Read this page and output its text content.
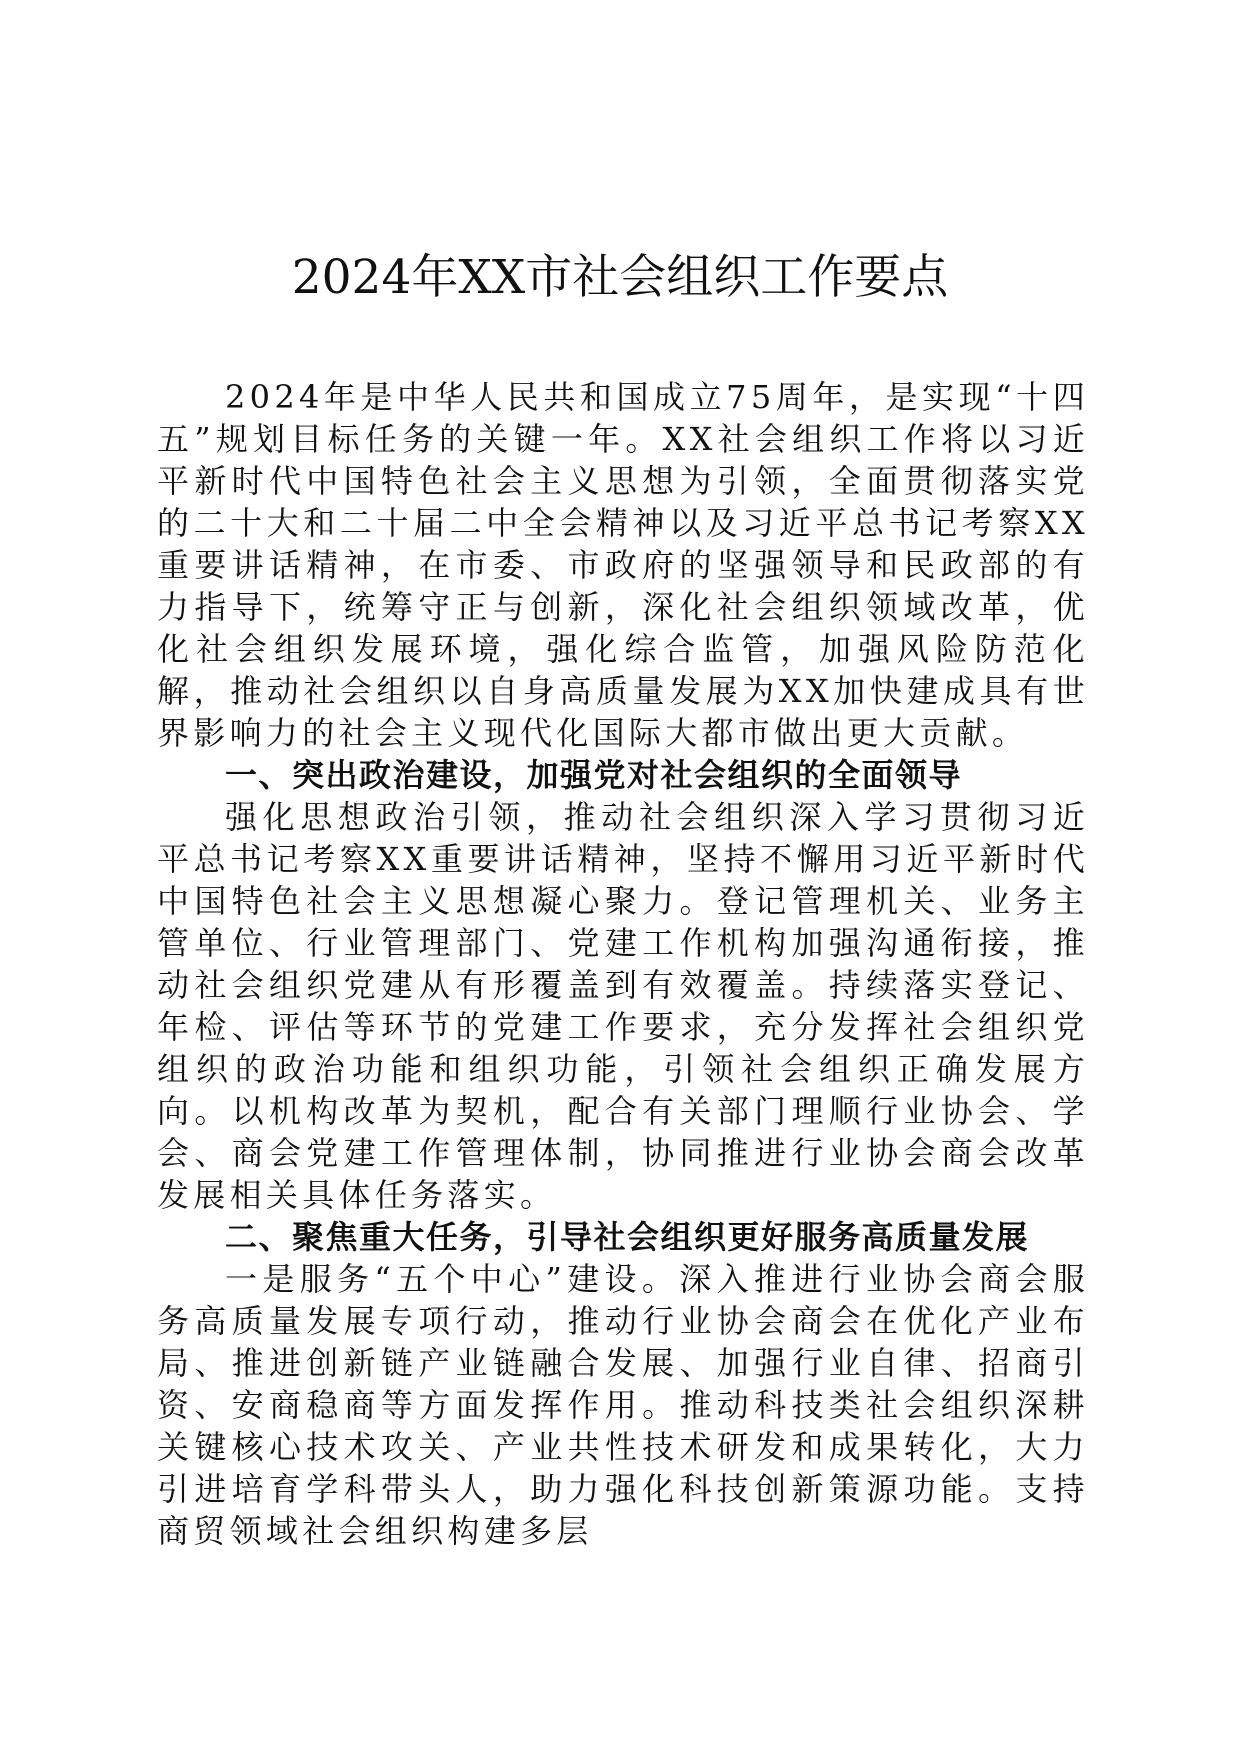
2024年XX市社会组织工作要点

2024年是中华人民共和国成立75周年，是实现“十四五”规划目标任务的关键一年。XX社会组织工作将以习近平新时代中国特色社会主义思想为引领，全面贯彻落实党的二十大和二十届二中全会精神以及习近平总书记考察XX重要讲话精神，在市委、市政府的坚强领导和民政部的有力指导下，统筹守正与创新，深化社会组织领域改革，优化社会组织发展环境，强化综合监管，加强风险防范化解，推动社会组织以自身高质量发展为XX加快建成具有世界影响力的社会主义现代化国际大都市做出更大贡献。

一、突出政治建设，加强党对社会组织的全面领导

强化思想政治引领，推动社会组织深入学习贯彻习近平总书记考察XX重要讲话精神，坚持不懈用习近平新时代中国特色社会主义思想凝心聚力。登记管理机关、业务主管单位、行业管理部门、党建工作机构加强沟通衔接，推动社会组织党建从有形覆盖到有效覆盖。持续落实登记、年检、评估等环节的党建工作要求，充分发挥社会组织党组织的政治功能和组织功能，引领社会组织正确发展方向。以机构改革为契机，配合有关部门理顺行业协会、学会、商会党建工作管理体制，协同推进行业协会商会改革发展相关具体任务落实。

二、聚焦重大任务，引导社会组织更好服务高质量发展

一是服务“五个中心”建设。深入推进行业协会商会服务高质量发展专项行动，推动行业协会商会在优化产业布局、推进创新链产业链融合发展、加强行业自律、招商引资、安商稳商等方面发挥作用。推动科技类社会组织深耕关键核心技术攻关、产业共性技术研发和成果转化，大力引进培育学科带头人，助力强化科技创新策源功能。支持商贸领域社会组织构建多层
